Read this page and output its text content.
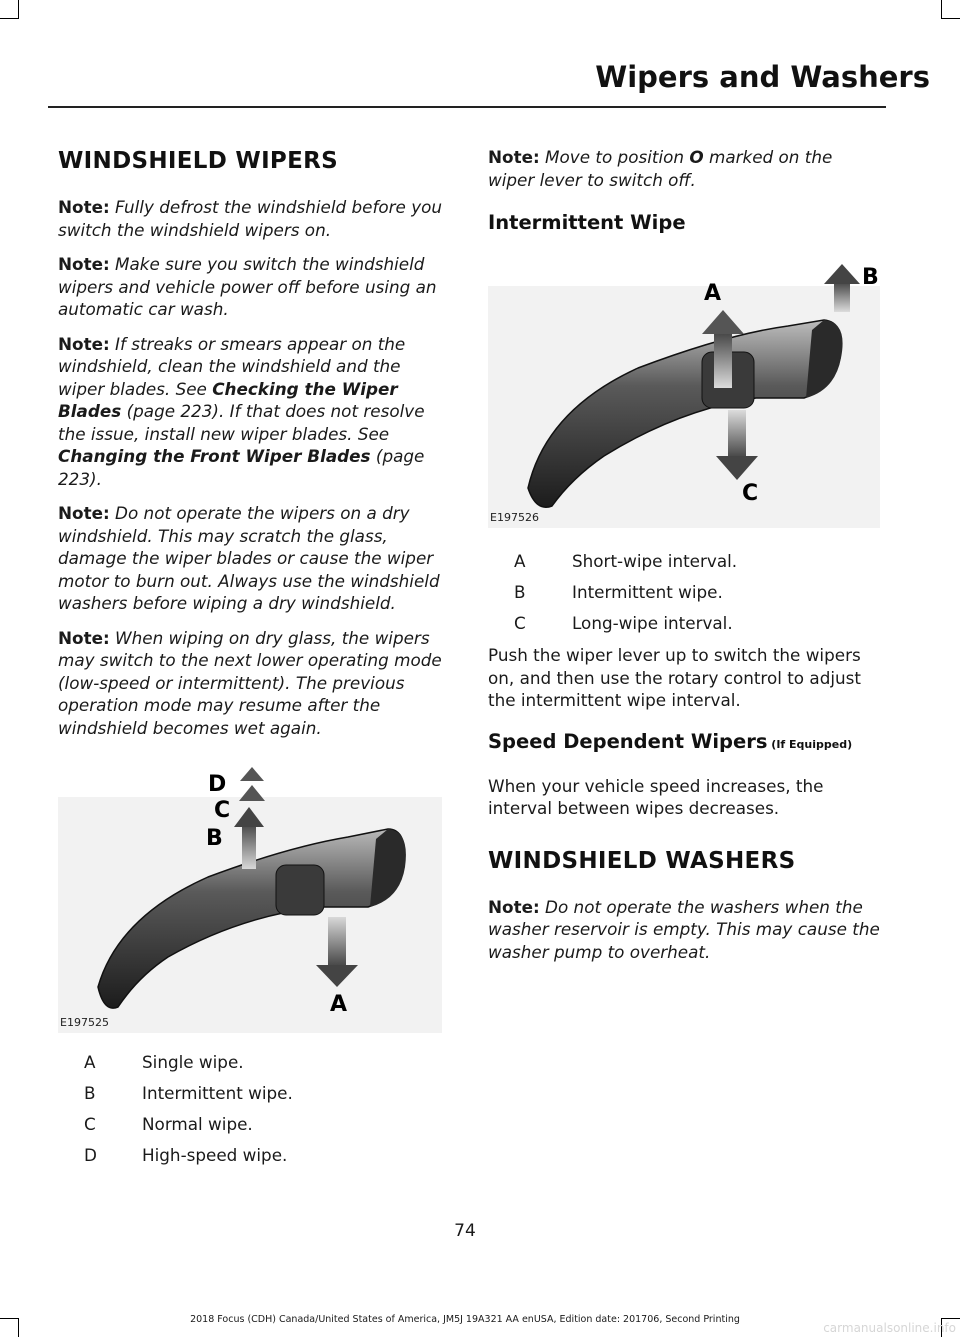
Wipers and Washers
WINDSHIELD WIPERS

Note: Fully defrost the windshield before you switch the windshield wipers on.

Note: Make sure you switch the windshield wipers and vehicle power off before using an automatic car wash.

Note: If streaks or smears appear on the windshield, clean the windshield and the wiper blades. See Checking the Wiper Blades (page 223). If that does not resolve the issue, install new wiper blades. See Changing the Front Wiper Blades (page 223).

Note: Do not operate the wipers on a dry windshield. This may scratch the glass, damage the wiper blades or cause the wiper motor to burn out. Always use the windshield washers before wiping a dry windshield.

Note: When wiping on dry glass, the wipers may switch to the next lower operating mode (low-speed or intermittent). The previous operation mode may resume after the windshield becomes wet again.

D
C
B
A
E197525
A	Single wipe.
B	Intermittent wipe.
C	Normal wipe.
D	High-speed wipe.

Note: Move to position O marked on the wiper lever to switch off.

Intermittent Wipe
A
B
C
E197526
A	Short-wipe interval.
B	Intermittent wipe.
C	Long-wipe interval.

Push the wiper lever up to switch the wipers on, and then use the rotary control to adjust the intermittent wipe interval.

Speed Dependent Wipers (If Equipped)

When your vehicle speed increases, the interval between wipes decreases.

WINDSHIELD WASHERS

Note: Do not operate the washers when the washer reservoir is empty. This may cause the washer pump to overheat.

74
2018 Focus (CDH) Canada/United States of America, JM5J 19A321 AA enUSA, Edition date: 201706, Second Printing
carmanualsonline.info
